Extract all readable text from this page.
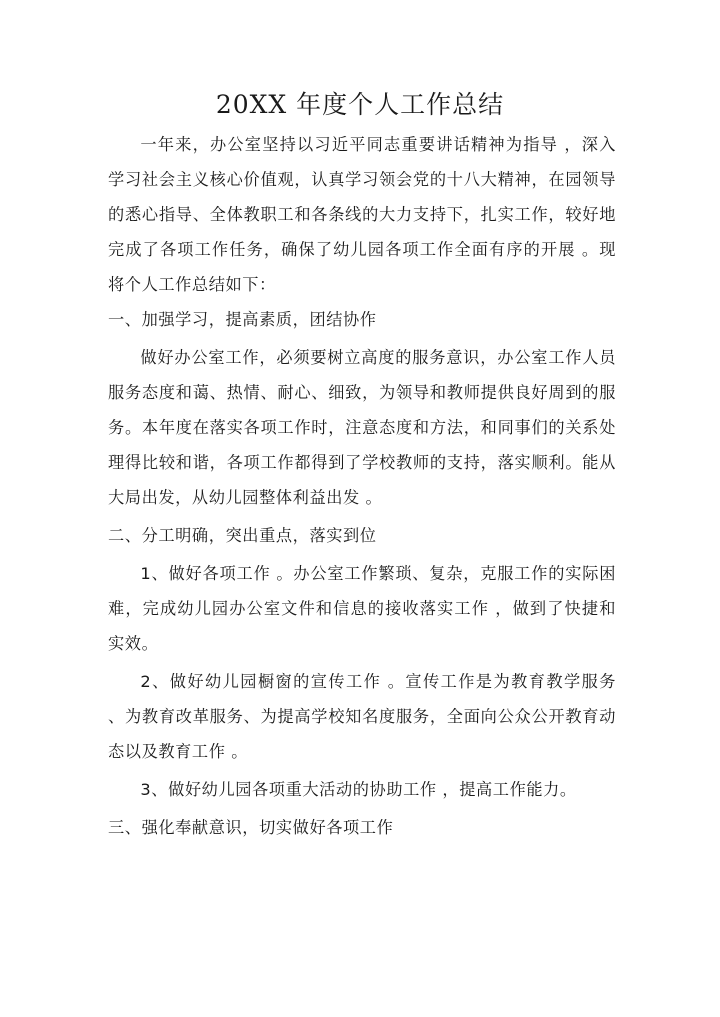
20XX 年度个人工作总结

一年来，办公室坚持以习近平同志重要讲话精神为指导 ，深入学习社会主义核心价值观，认真学习领会党的十八大精神，在园领导的悉心指导、全体教职工和各条线的大力支持下，扎实工作，较好地完成了各项工作任务，确保了幼儿园各项工作全面有序的开展 。现将个人工作总结如下：

一、加强学习，提高素质，团结协作

做好办公室工作，必须要树立高度的服务意识，办公室工作人员服务态度和蔼、热情、耐心、细致，为领导和教师提供良好周到的服务。本年度在落实各项工作时，注意态度和方法，和同事们的关系处理得比较和谐，各项工作都得到了学校教师的支持，落实顺利。能从大局出发，从幼儿园整体利益出发 。

二、分工明确，突出重点，落实到位

1、做好各项工作 。办公室工作繁琐、复杂，克服工作的实际困难，完成幼儿园办公室文件和信息的接收落实工作 ，做到了快捷和实效。

2、做好幼儿园橱窗的宣传工作 。宣传工作是为教育教学服务 、为教育改革服务、为提高学校知名度服务，全面向公众公开教育动态以及教育工作 。

3、做好幼儿园各项重大活动的协助工作 ，提高工作能力。

三、强化奉献意识，切实做好各项工作
